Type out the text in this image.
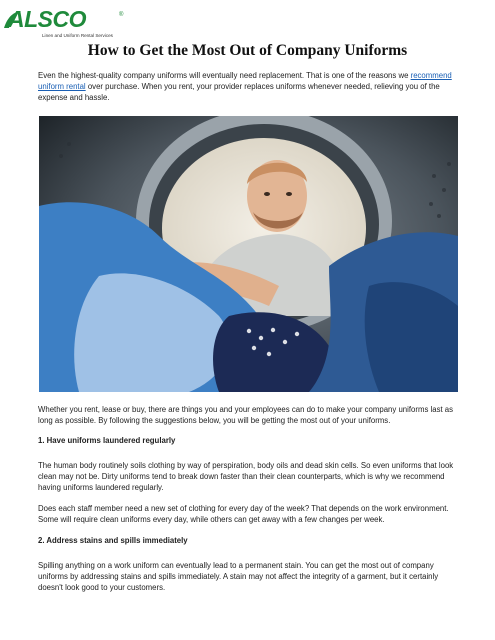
ALSCO	®
Linen and Uniform Rental Services
How to Get the Most Out of Company Uniforms

Even the highest-quality company uniforms will eventually need replacement. That is one of the reasons we recommend uniform rental over purchase. When you rent, your provider replaces uniforms whenever needed, relieving you of the expense and hassle.

Whether you rent, lease or buy, there are things you and your employees can do to make your company uniforms last as long as possible. By following the suggestions below, you will be getting the most out of your uniforms.

1. Have uniforms laundered regularly

The human body routinely soils clothing by way of perspiration, body oils and dead skin cells. So even uniforms that look clean may not be. Dirty uniforms tend to break down faster than their clean counterparts, which is why we recommend having uniforms laundered regularly.

Does each staff member need a new set of clothing for every day of the week? That depends on the work environment. Some will require clean uniforms every day, while others can get away with a few changes per week.

2. Address stains and spills immediately

Spilling anything on a work uniform can eventually lead to a permanent stain. You can get the most out of company uniforms by addressing stains and spills immediately. A stain may not affect the integrity of a garment, but it certainly doesn't look good to your customers.
